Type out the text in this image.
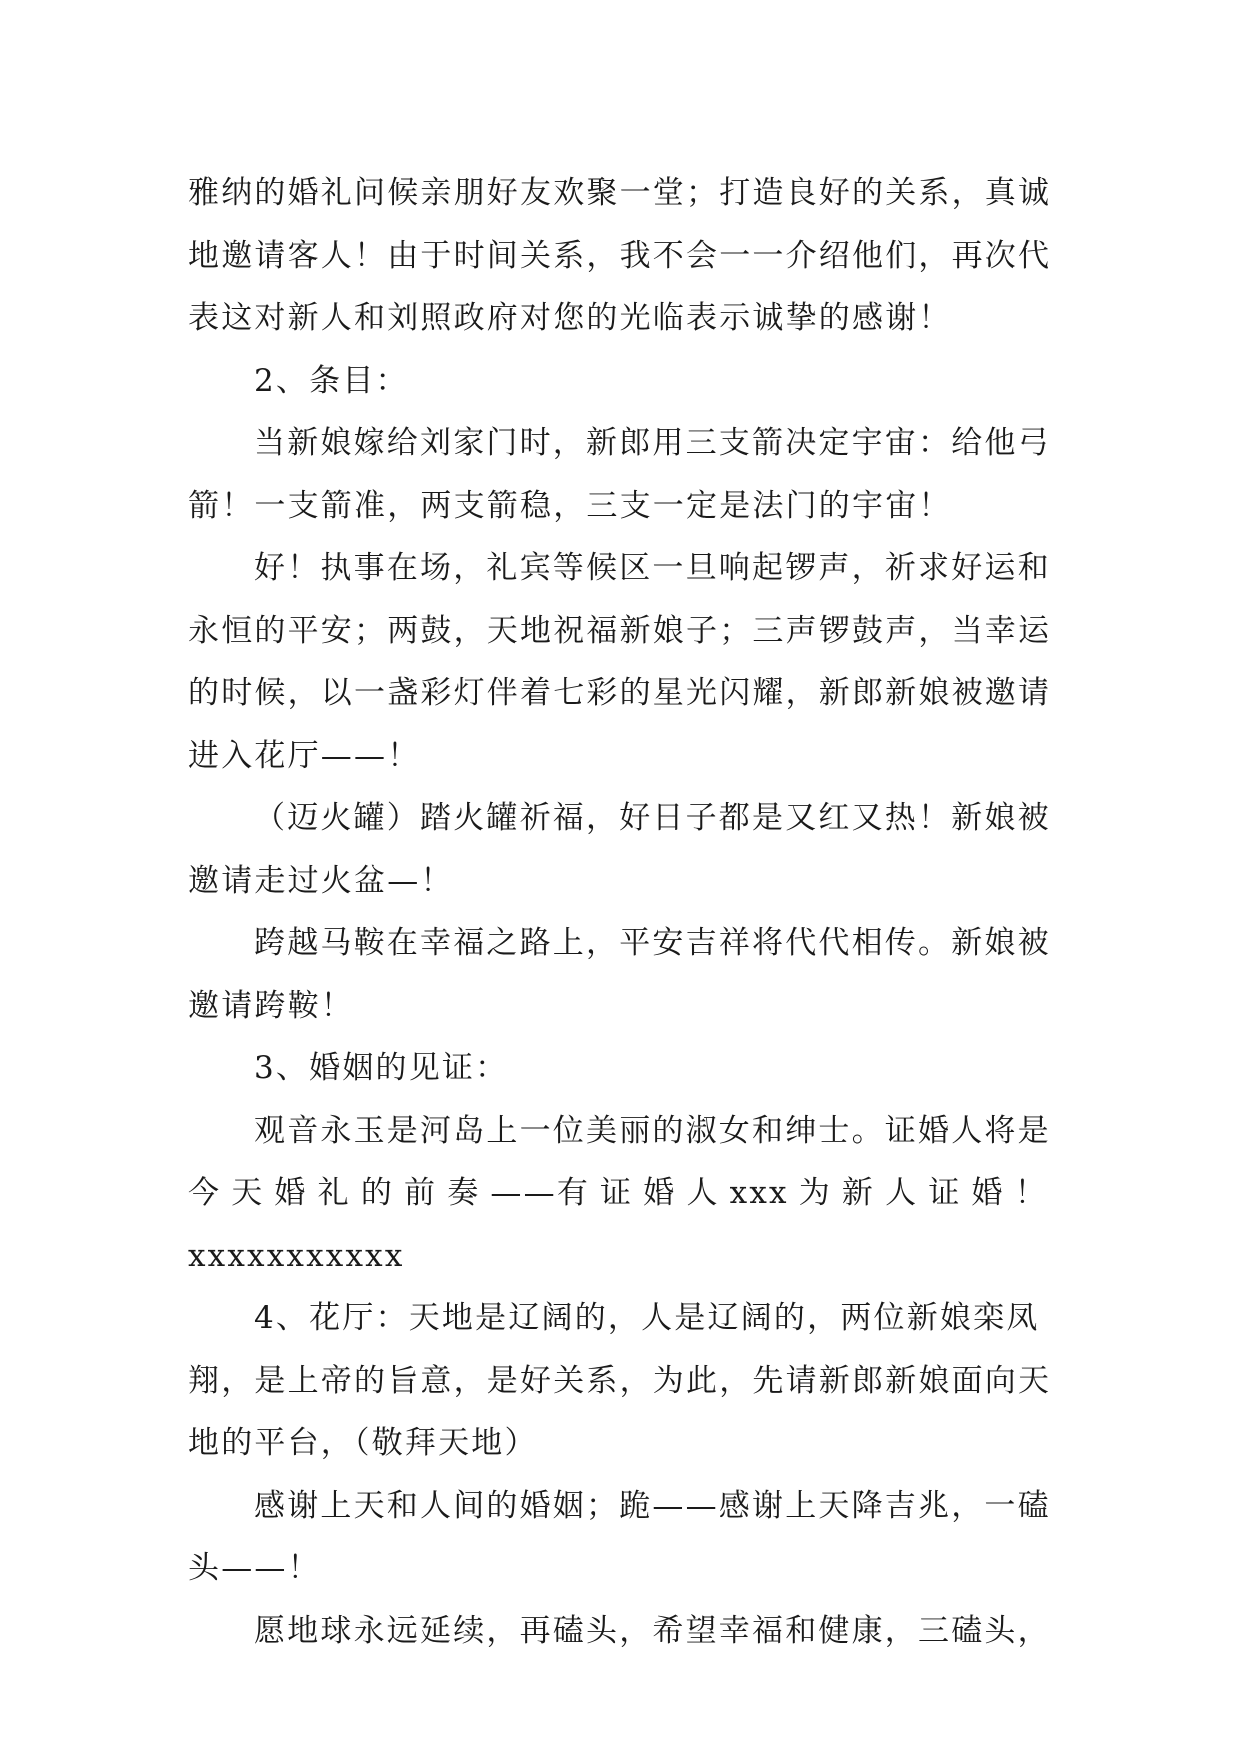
雅纳的婚礼问候亲朋好友欢聚一堂；打造良好的关系，真诚
地邀请客人！由于时间关系，我不会一一介绍他们，再次代
表这对新人和刘照政府对您的光临表示诚挚的感谢！

2、条目：

当新娘嫁给刘家门时，新郎用三支箭决定宇宙：给他弓
箭！一支箭准，两支箭稳，三支一定是法门的宇宙！

好！执事在场，礼宾等候区一旦响起锣声，祈求好运和
永恒的平安；两鼓，天地祝福新娘子；三声锣鼓声，当幸运
的时候，以一盏彩灯伴着七彩的星光闪耀，新郎新娘被邀请
进入花厅——！

（迈火罐）踏火罐祈福，好日子都是又红又热！新娘被
邀请走过火盆—！

跨越马鞍在幸福之路上，平安吉祥将代代相传。新娘被
邀请跨鞍！

3、婚姻的见证：

观音永玉是河岛上一位美丽的淑女和绅士。证婚人将是

今 天 婚 礼 的 前 奏 ——有 证 婚 人 xxx 为 新 人 证 婚 ！

xxxxxxxxxxx

4、花厅：天地是辽阔的，人是辽阔的，两位新娘栾凤
翔，是上帝的旨意，是好关系，为此，先请新郎新娘面向天
地的平台，（敬拜天地）

感谢上天和人间的婚姻；跪——感谢上天降吉兆，一磕
头——！

愿地球永远延续，再磕头，希望幸福和健康，三磕头，
